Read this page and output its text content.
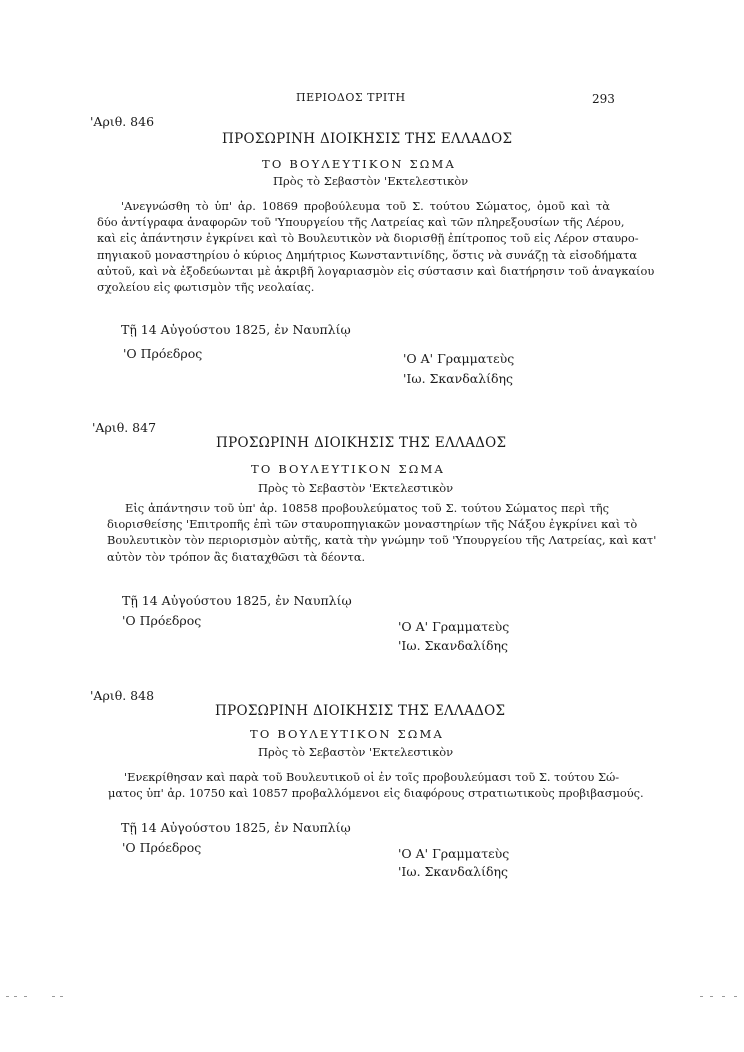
ΠΕΡΙΟΔΟΣ ΤΡΙΤΗ	293
'Αριθ. 846
ΠΡΟΣΩΡΙΝΗ ΔΙΟΙΚΗΣΙΣ ΤΗΣ ΕΛΛΑΔΟΣ
ΤΟ ΒΟΥΛΕΥΤΙΚΟΝ ΣΩΜΑ
Πρὸς τὸ Σεβαστὸν 'Εκτελεστικὸν
'Ανεγνώσθη τὸ ὑπ' ἀρ. 10869 προβούλευμα τοῦ Σ. τούτου Σώματος, ὁμοῦ καὶ τὰ
δύο ἀντίγραφα ἀναφορῶν τοῦ 'Υπουργείου τῆς Λατρείας καὶ τῶν πληρεξουσίων τῆς Λέρου,
καὶ εἰς ἀπάντησιν ἐγκρίνει καὶ τὸ Βουλευτικὸν νὰ διορισθῇ ἐπίτροπος τοῦ εἰς Λέρον σταυρο-
πηγιακοῦ μοναστηρίου ὁ κύριος Δημήτριος Κωνσταντινίδης, ὅστις νὰ συνάζῃ τὰ εἰσοδήματα
αὐτοῦ, καὶ νὰ ἐξοδεύωνται μὲ ἀκριβῆ λογαριασμὸν εἰς σύστασιν καὶ διατήρησιν τοῦ ἀναγκαίου
σχολείου εἰς φωτισμὸν τῆς νεολαίας.
Τῇ 14 Αὐγούστου 1825, ἐν Ναυπλίῳ
'Ο Πρόεδρος	'Ο Α' Γραμματεὺς
'Ιω. Σκανδαλίδης
'Αριθ. 847
ΠΡΟΣΩΡΙΝΗ ΔΙΟΙΚΗΣΙΣ ΤΗΣ ΕΛΛΑΔΟΣ
ΤΟ ΒΟΥΛΕΥΤΙΚΟΝ ΣΩΜΑ
Πρὸς τὸ Σεβαστὸν 'Εκτελεστικὸν
Εἰς ἀπάντησιν τοῦ ὑπ' ἀρ. 10858 προβουλεύματος τοῦ Σ. τούτου Σώματος περὶ τῆς
διορισθείσης 'Επιτροπῆς ἐπὶ τῶν σταυροπηγιακῶν μοναστηρίων τῆς Νάξου ἐγκρίνει καὶ τὸ
Βουλευτικὸν τὸν περιορισμὸν αὐτῆς, κατὰ τὴν γνώμην τοῦ 'Υπουργείου τῆς Λατρείας, καὶ κατ'
αὐτὸν τὸν τρόπον ἂς διαταχθῶσι τὰ δέοντα.
Τῇ 14 Αὐγούστου 1825, ἐν Ναυπλίῳ
'Ο Πρόεδρος	'Ο Α' Γραμματεὺς
'Ιω. Σκανδαλίδης
'Αριθ. 848
ΠΡΟΣΩΡΙΝΗ ΔΙΟΙΚΗΣΙΣ ΤΗΣ ΕΛΛΑΔΟΣ
ΤΟ ΒΟΥΛΕΥΤΙΚΟΝ ΣΩΜΑ
Πρὸς τὸ Σεβαστὸν 'Εκτελεστικὸν
'Ενεκρίθησαν καὶ παρὰ τοῦ Βουλευτικοῦ οἱ ἐν τοῖς προβουλεύμασι τοῦ Σ. τούτου Σώ-
ματος ὑπ' ἀρ. 10750 καὶ 10857 προβαλλόμενοι εἰς διαφόρους στρατιωτικοὺς προβιβασμούς.
Τῇ 14 Αὐγούστου 1825, ἐν Ναυπλίῳ
'Ο Πρόεδρος	'Ο Α' Γραμματεὺς
'Ιω. Σκανδαλίδης
